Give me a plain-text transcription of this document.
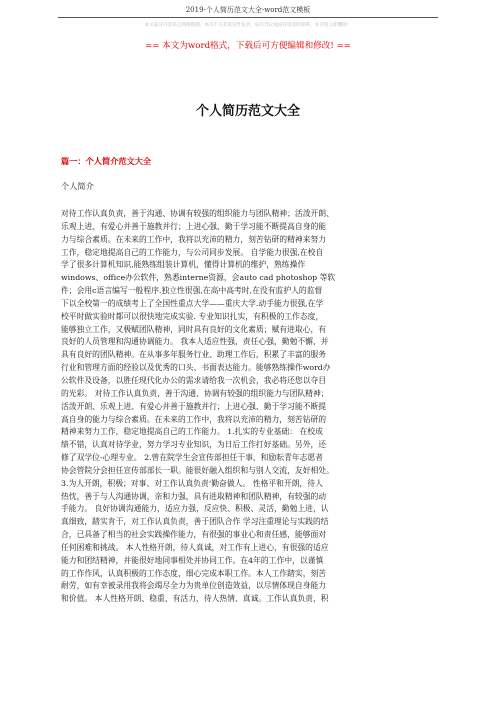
2019-个人简历范文大全-word范文模板
本文部分内容来自网络整理，本司不为其真实性负责，如有异议或侵权请及时联系，本司将立即删除！
== 本文为word格式，下载后可方便编辑和修改! ==
个人简历范文大全
篇一：个人简介范文大全
个人简介
对待工作认真负责，善于沟通、协调有较强的组织能力与团队精神；活泼开朗、
乐观上进、有爱心并善于施教并行；上进心强、勤于学习能不断提高自身的能
力与综合素质。在未来的工作中，我将以充沛的精力，刻苦钻研的精神来努力
工作，稳定地提高自己的工作能力，与公司同步发展。 自学能力很强,在校自
学了很多计算机知识,能熟练组装计算机，懂得计算机的维护，熟练操作
windows、office办公软件，熟悉interne资源，会auto cad photoshop 等软
件；会用c语言编写一般程序.独立性很强,在高中高考时,在没有监护人的监督
下以全校第一的成绩考上了全国性重点大学——重庆大学.动手能力很强,在学
校平时做实验时都可以很快地完成实验. 专业知识扎实，有积极的工作态度，
能够独立工作，又极赋团队精神，同时具有良好的文化素质；赋有进取心，有
良好的人员管理和沟通协调能力。 我本人适应性强，责任心强，勤勉不懈，并
具有良好的团队精神。在从事多年服务行业、助理工作后，积累了丰富的服务
行业和管理方面的经验以及优秀的口头、书面表达能力。能够熟练操作word办
公软件及设备，以胜任现代化办公的需求请给我一次机会，我必将还您以夺目
的光彩。 对待工作认真负责，善于沟通、协调有较强的组织能力与团队精神；
活泼开朗、乐观上进、有爱心并善于施教并行；上进心强、勤于学习能不断提
高自身的能力与综合素质。在未来的工作中，我将以充沛的精力，刻苦钻研的
精神来努力工作，稳定地提高自己的工作能力。 1.扎实的专业基础： 在校成
绩不错，认真对待学业，努力学习专业知识，为日后工作打好基础。另外，还
修了双学位-心理专业。 2.曾在院学生会宣传部担任干事，和励耘青年志愿者
协会管院分会担任宣传部部长一职。能很好融入组织和与别人交流，友好相处。
3.为人开朗，积极；对事、对工作认真负责‘勤奋做人。 性格平和开朗，待人
热忱，善于与人沟通协调，亲和力强，具有进取精神和团队精神，有较强的动
手能力。 良好协调沟通能力，适应力强，反应快、积极、灵活，勤勉上进，认
真细致，踏实肯干，对工作认真负责，善于团队合作 学习注重理论与实践的结
合，已具备了相当的社会实践操作能力，有很强的事业心和责任感，能够面对
任何困难和挑战。 本人性格开朗，待人真诚，对工作有上进心，有很强的适应
能力和团结精神，并能很好地同事相处并协同工作。在4年的工作中，以谨慎
的工作作风，认真积极的工作态度，细心完成本职工作。本人工作踏实，刻苦
耐劳，如有幸被录用我将会竭尽全力为贵单位创造效益，以尽情体现自身能力
和价值。 本人性格开朗、稳重、有活力，待人热情、真诚。工作认真负责，积
